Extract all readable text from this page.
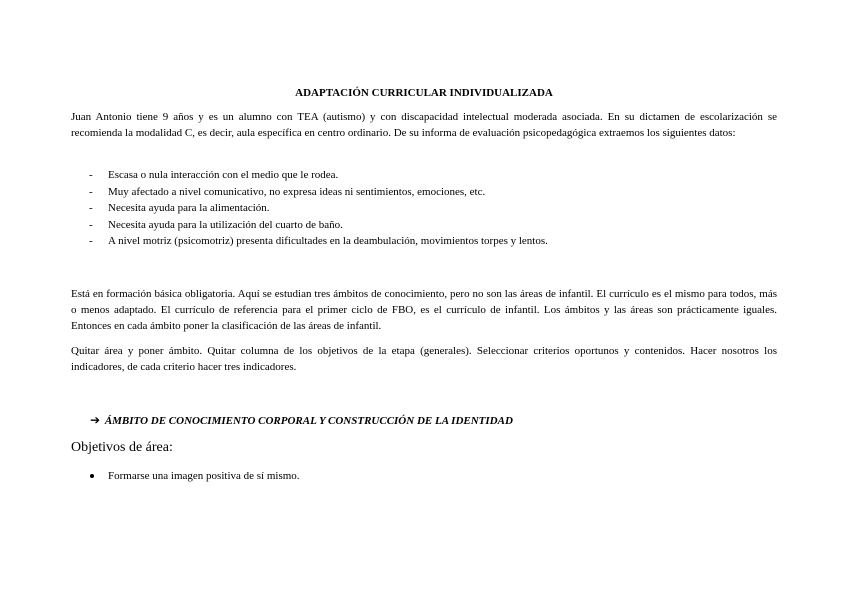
ADAPTACIÓN CURRICULAR INDIVIDUALIZADA
Juan Antonio tiene 9 años y es un alumno con TEA (autismo) y con discapacidad intelectual moderada asociada. En su dictamen de escolarización se recomienda la modalidad C, es decir, aula específica en centro ordinario. De su informa de evaluación psicopedagógica extraemos los siguientes datos:
- Escasa o nula interacción con el medio que le rodea.
- Muy afectado a nivel comunicativo, no expresa ideas ni sentimientos, emociones, etc.
- Necesita ayuda para la alimentación.
- Necesita ayuda para la utilización del cuarto de baño.
- A nivel motriz (psicomotriz) presenta dificultades en la deambulación, movimientos torpes y lentos.
Está en formación básica obligatoria. Aquí se estudian tres ámbitos de conocimiento, pero no son las áreas de infantil. El currículo es el mismo para todos, más o menos adaptado. El currículo de referencia para el primer ciclo de FBO, es el currículo de infantil. Los ámbitos y las áreas son prácticamente iguales. Entonces en cada ámbito poner la clasificación de las áreas de infantil.
Quitar área y poner ámbito. Quitar columna de los objetivos de la etapa (generales). Seleccionar criterios oportunos y contenidos. Hacer nosotros los indicadores, de cada criterio hacer tres indicadores.
➔ ÁMBITO DE CONOCIMIENTO CORPORAL Y CONSTRUCCIÓN DE LA IDENTIDAD
Objetivos de área:
Formarse una imagen positiva de sí mismo.
